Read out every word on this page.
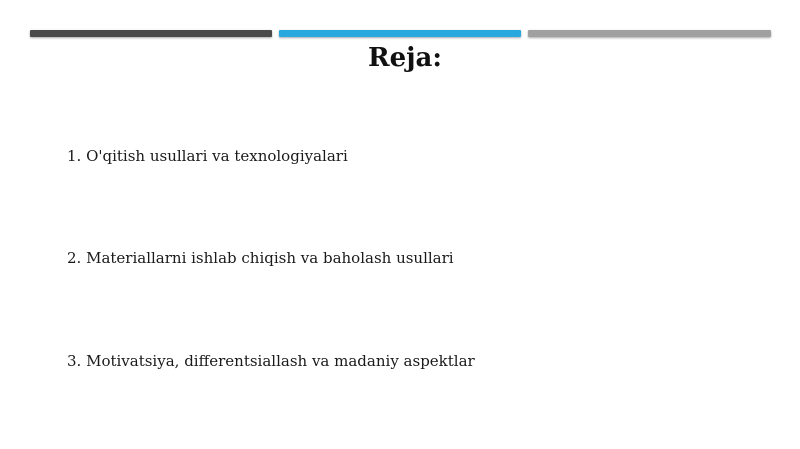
Reja:
1. O'qitish usullari va texnologiyalari
2. Materiallarni ishlab chiqish va baholash usullari
3. Motivatsiya, differentsiallash va madaniy aspektlar
